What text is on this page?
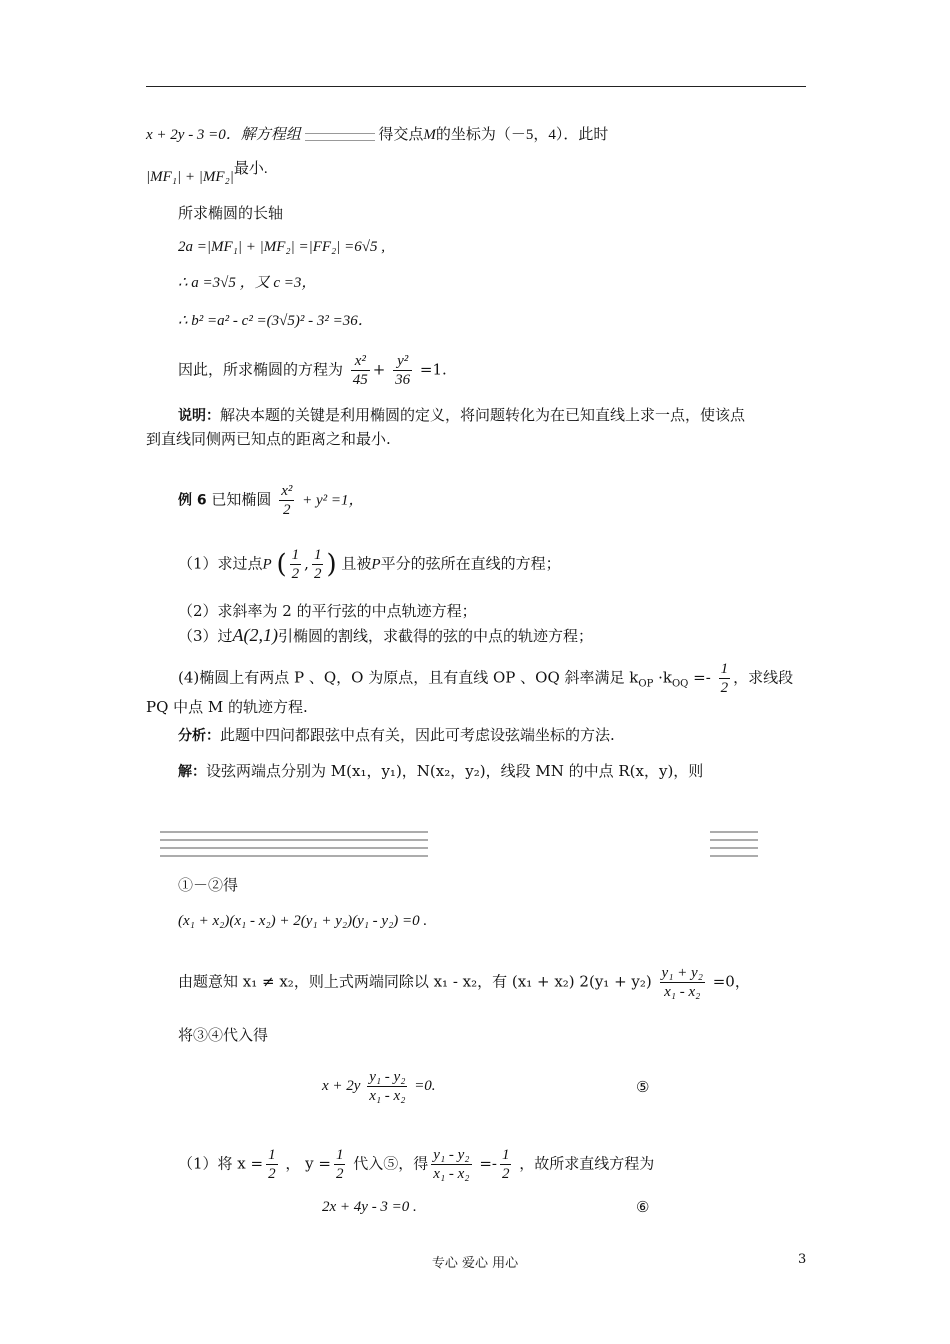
x + 2y - 3 =0．解方程组	得交点M的坐标为（－5，4）．此时
|MF₁| + |MF₂|最小.
所求椭圆的长轴
2a =|MF₁| + |MF₂| =|FF₂| =6√5 ,
∴ a =3√5 ，又 c =3，
∴ b² =a² - c² =(3√5)² - 3² =36．
因此，所求椭圆的方程为 $\frac{\text{x²}}{45} + \frac{\text{y²}}{36} =1$.
说明：解决本题的关键是利用椭圆的定义，将问题转化为在已知直线上求一点，使该点
到直线同侧两已知点的距离之和最小.
例 6 已知椭圆 $\frac{\text{x²}}{2} + y^2 =1$，
（1）求过点P ( $\frac{1}{2}$ , $\frac{1}{2}$ ) 且被P平分的弦所在直线的方程；
（2）求斜率为 2 的平行弦的中点轨迹方程；
（3）过A(2,1)引椭圆的割线，求截得的弦的中点的轨迹方程；
(4)椭圆上有两点 P 、Q，O 为原点，且有直线 OP 、OQ 斜率满足 $k_{OP} \cdot k_{OQ} =- \frac{1}{2}$ ，求线段
PQ 中点 M 的轨迹方程.
分析：此题中四问都跟弦中点有关，因此可考虑设弦端坐标的方法.
解：设弦两端点分别为 M(x₁，y₁)，N(x₂，y₂)，线段 MN 的中点 R(x，y)，则
①－②得
(x₁ + x₂)(x₁ - x₂) + 2(y₁ + y₂)(y₁ - y₂) =0 .
由题意知 x₁ ≠ x₂，则上式两端同除以 x₁ - x₂，有 (x₁ + x₂) $2(y_1 + y_2) \frac{\text{y₁ + y₂}}{\text{x₁ - x₂}} =0$，
将③④代入得
$x + 2y \frac{\text{y₁ - y₂}}{\text{x₁ - x₂}} =0$.	⑤
（1）将 $x = \frac{1}{2}$ ， $y = \frac{1}{2}$ 代入⑤，得 $\frac{\text{y₁ - y₂}}{\text{x₁ - x₂}} =- \frac{1}{2}$ ，故所求直线方程为
2x + 4y - 3 =0 .	⑥
专心 爱心 用心	3
